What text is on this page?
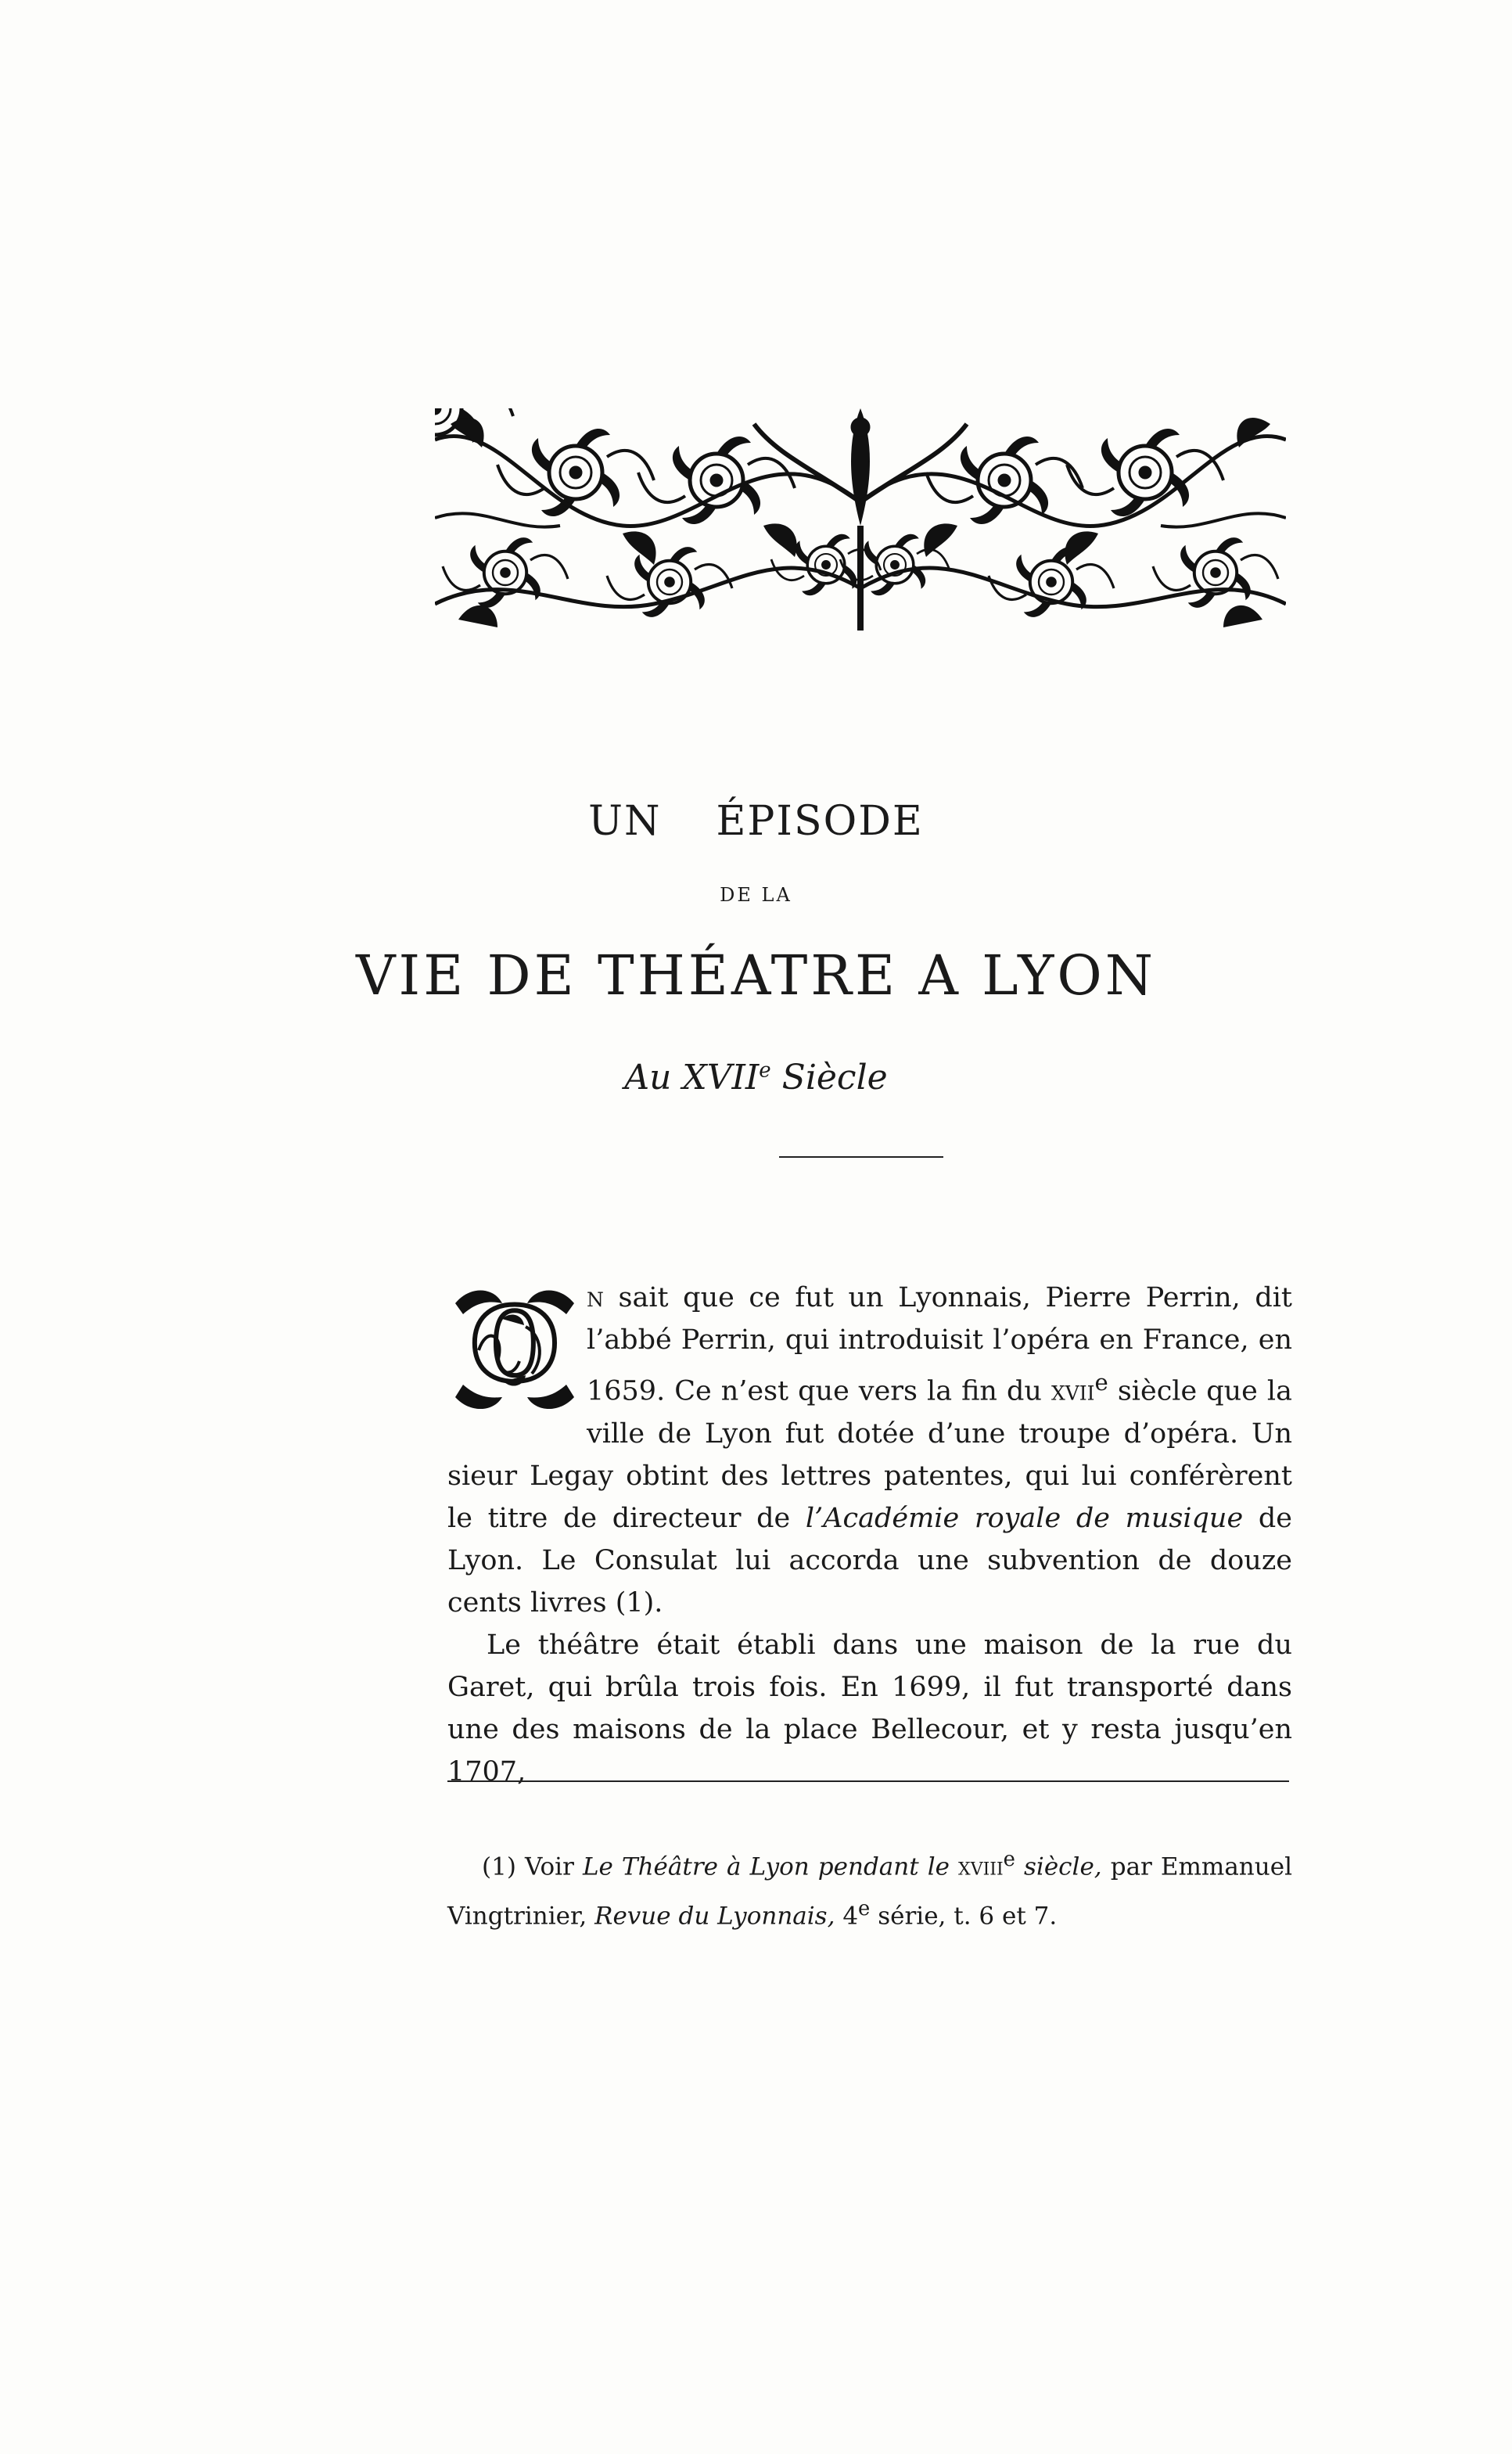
UN ÉPISODE
DE LA
VIE DE THÉATRE A LYON
Au XVIIe Siècle
O	n sait que ce fut un Lyonnais, Pierre Perrin, dit l’abbé Perrin, qui introduisit l’opéra en France, en 1659. Ce n’est que vers la fin du xvii$^e$ siècle que la ville de Lyon fut dotée d’une troupe d’opéra. Un sieur Legay obtint des lettres patentes, qui lui conférèrent le titre de directeur de l’Académie royale de musique de Lyon. Le Consulat lui accorda une subvention de douze cents livres (1).

Le théâtre était établi dans une maison de la rue du Garet, qui brûla trois fois. En 1699, il fut transporté dans une des maisons de la place Bellecour, et y resta jusqu’en 1707,

(1) Voir Le Théâtre à Lyon pendant le xviii$^e$ siècle, par Emmanuel Vingtrinier, Revue du Lyonnais, 4e série, t. 6 et 7.
